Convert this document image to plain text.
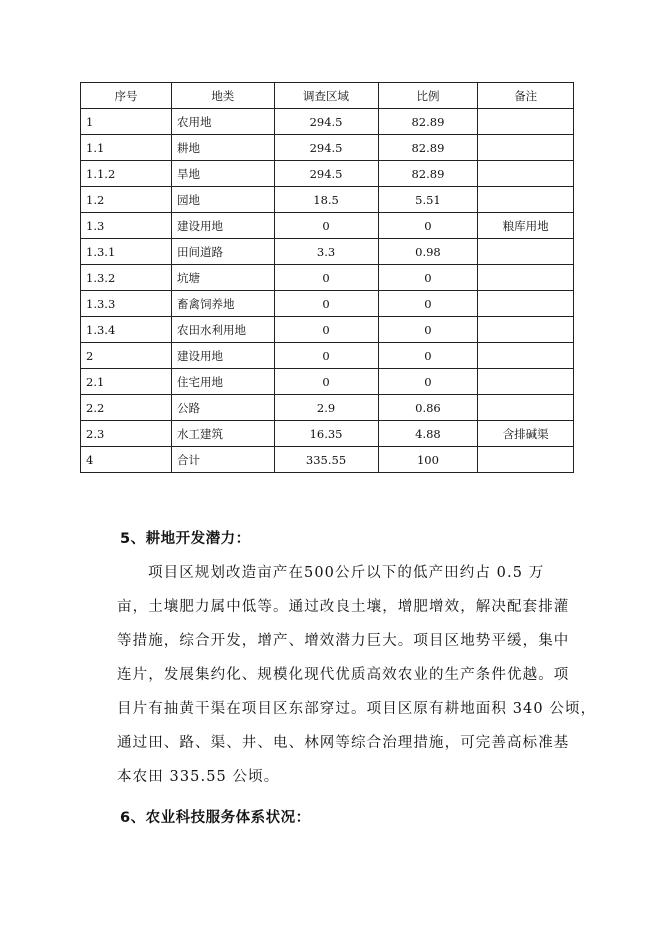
序号	地类	调查区域	比例	备注
1	农用地	294.5	82.89	
1.1	耕地	294.5	82.89	
1.1.2	旱地	294.5	82.89	
1.2	园地	18.5	5.51	
1.3	建设用地	0	0	粮库用地
1.3.1	田间道路	3.3	0.98	
1.3.2	坑塘	0	0	
1.3.3	畜禽饲养地	0	0	
1.3.4	农田水利用地	0	0	
2	建设用地	0	0	
2.1	住宅用地	0	0	
2.2	公路	2.9	0.86	
2.3	水工建筑	16.35	4.88	含排碱渠
4	合计	335.55	100	
5、耕地开发潜力：
项目区规划改造亩产在500公斤以下的低产田约占 0.5 万
亩，土壤肥力属中低等。通过改良土壤，增肥增效，解决配套排灌
等措施，综合开发，增产、增效潜力巨大。项目区地势平缓，集中
连片，发展集约化、规模化现代优质高效农业的生产条件优越。项
目片有抽黄干渠在项目区东部穿过。项目区原有耕地面积 340 公顷，
通过田、路、渠、井、电、林网等综合治理措施，可完善高标准基
本农田 335.55 公顷。
6、农业科技服务体系状况：
